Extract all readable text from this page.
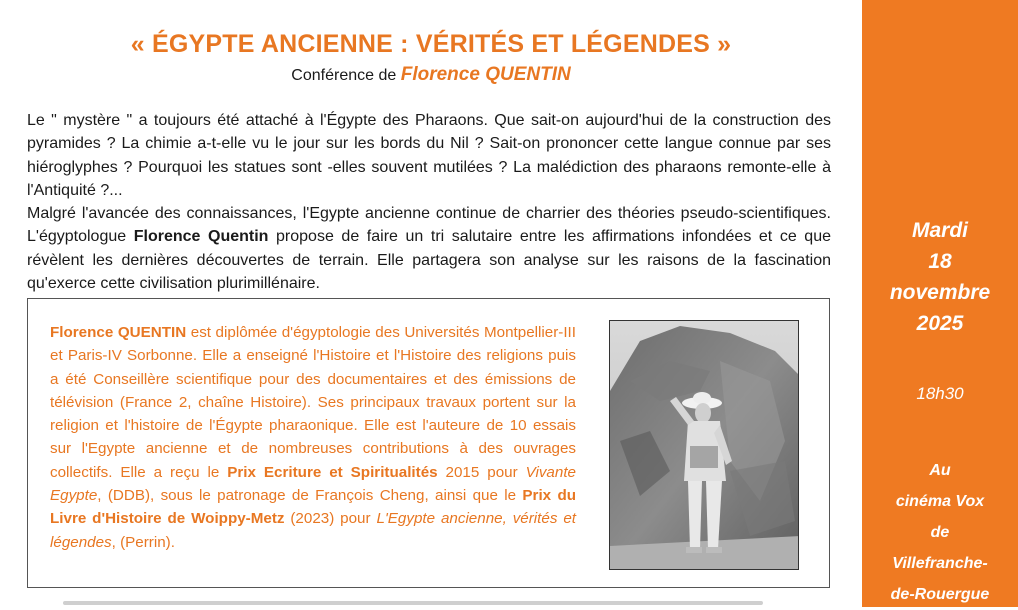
« ÉGYPTE ANCIENNE : VÉRITÉS ET LÉGENDES »
Conférence de Florence QUENTIN

Le " mystère " a toujours été attaché à l'Égypte des Pharaons. Que sait-on aujourd'hui de la construction des pyramides ? La chimie a-t-elle vu le jour sur les bords du Nil ? Sait-on prononcer cette langue connue par ses hiéroglyphes ? Pourquoi les statues sont -elles souvent mutilées ? La malédiction des pharaons remonte-elle à l'Antiquité ?...

Malgré l'avancée des connaissances, l'Egypte ancienne continue de charrier des théories pseudo-scientifiques. L'égyptologue Florence Quentin propose de faire un tri salutaire entre les affirmations infondées et ce que révèlent les dernières découvertes de terrain. Elle partagera son analyse sur les raisons de la fascination qu'exerce cette civilisation plurimillénaire.

Florence QUENTIN est diplômée d'égyptologie des Universités Montpellier-III et Paris-IV Sorbonne. Elle a enseigné l'Histoire et l'Histoire des religions puis a été Conseillère scientifique pour des documentaires et des émissions de télévision (France 2, chaîne Histoire). Ses principaux travaux portent sur la religion et l'histoire de l'Égypte pharaonique. Elle est l'auteure de 10 essais sur l'Egypte ancienne et de nombreuses contributions à des ouvrages collectifs. Elle a reçu le Prix Ecriture et Spiritualités 2015 pour Vivante Egypte, (DDB), sous le patronage de François Cheng, ainsi que le Prix du Livre d'Histoire de Woippy-Metz (2023) pour L'Egypte ancienne, vérités et légendes, (Perrin).
Mardi
18
novembre
2025
18h30
Au
cinéma Vox
de
Villefranche-
de-Rouergue
